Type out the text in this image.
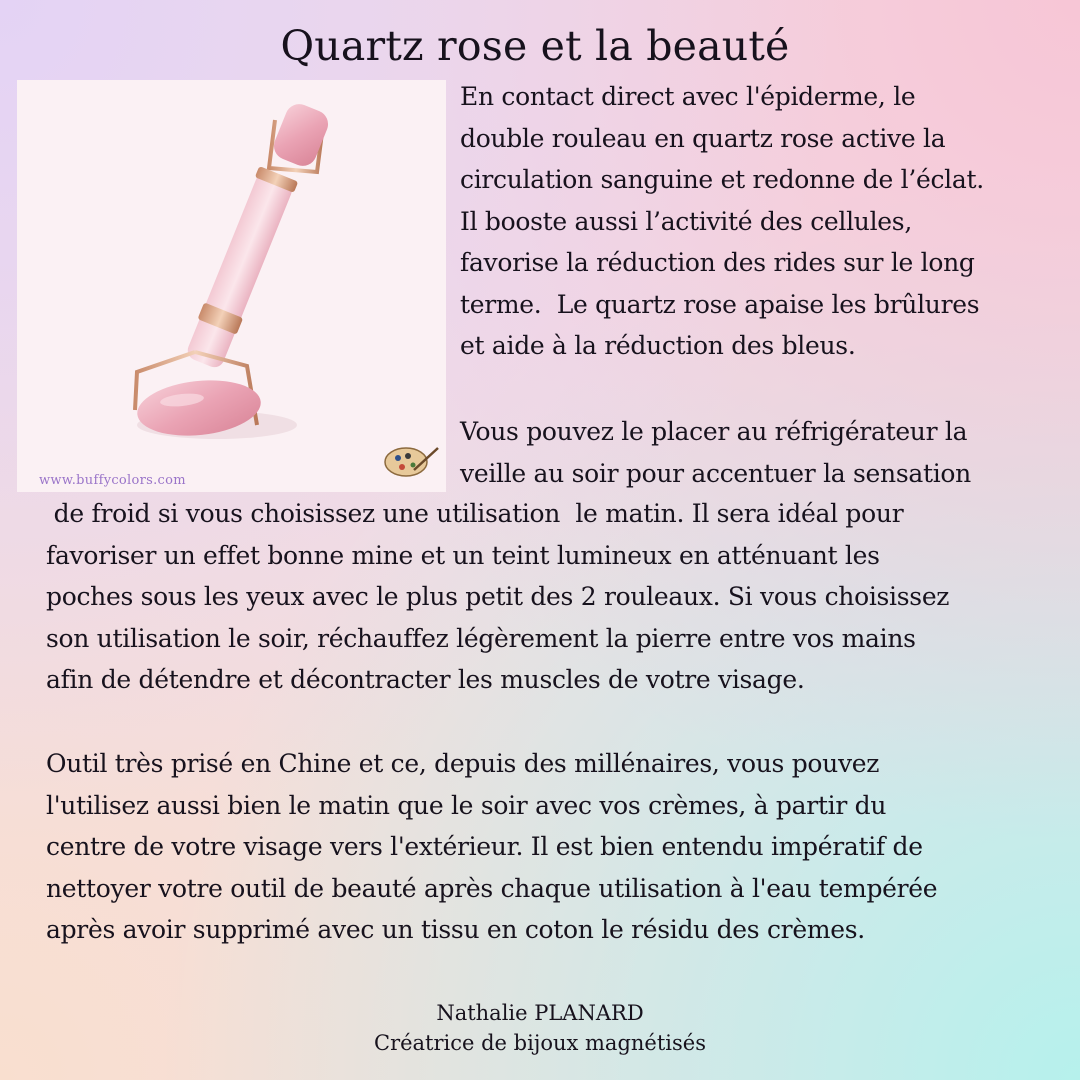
Quartz rose et la beauté
www.buffycolors.com
En contact direct avec l'épiderme, le
double rouleau en quartz rose active la
circulation sanguine et redonne de l’éclat.
Il booste aussi l’activité des cellules,
favorise la réduction des rides sur le long
terme.  Le quartz rose apaise les brûlures
et aide à la réduction des bleus.
Vous pouvez le placer au réfrigérateur la
veille au soir pour accentuer la sensation
de froid si vous choisissez une utilisation  le matin. Il sera idéal pour
favoriser un effet bonne mine et un teint lumineux en atténuant les
poches sous les yeux avec le plus petit des 2 rouleaux. Si vous choisissez
son utilisation le soir, réchauffez légèrement la pierre entre vos mains
afin de détendre et décontracter les muscles de votre visage.
Outil très prisé en Chine et ce, depuis des millénaires, vous pouvez
l'utilisez aussi bien le matin que le soir avec vos crèmes, à partir du
centre de votre visage vers l'extérieur. Il est bien entendu impératif de
nettoyer votre outil de beauté après chaque utilisation à l'eau tempérée
après avoir supprimé avec un tissu en coton le résidu des crèmes.
Nathalie PLANARD
Créatrice de bijoux magnétisés
